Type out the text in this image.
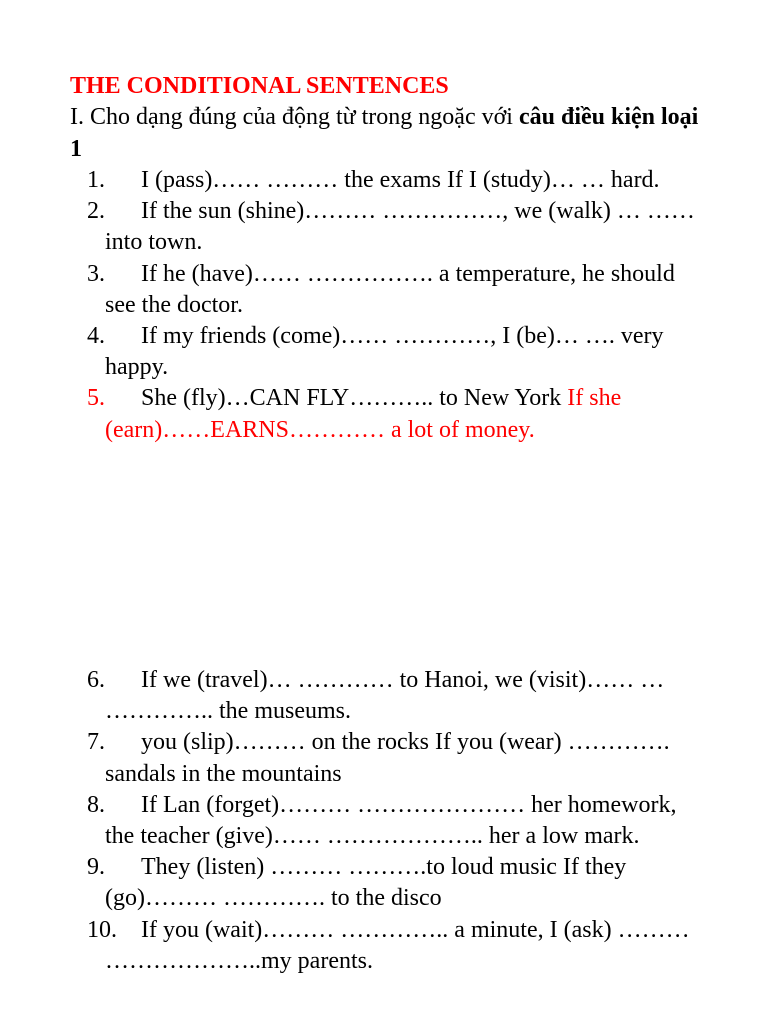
THE CONDITIONAL SENTENCES
I. Cho dạng đúng của động từ trong ngoặc với câu điều kiện loại 1
1. I (pass)…… ……… the exams If I (study)… … hard.
2. If the sun (shine)……… ……………, we (walk) … …… into town.
3. If he (have)…… ……………. a temperature, he should see the doctor.
4. If my friends (come)…… …………, I (be)… …. very happy.
5. She (fly)…CAN FLY……….. to New York If she (earn)……EARNS………… a lot of money.
6. If we (travel)… ………… to Hanoi, we (visit)…… … ………….. the museums.
7. you (slip)……… on the rocks If you (wear) …………. sandals in the mountains
8. If Lan (forget)……… ………………… her homework, the teacher (give)…… ……………….. her a low mark.
9. They (listen) ……… ……….to loud music If they (go)……… …………. to the disco
10. If you (wait)……… ………….. a minute, I (ask) ……… ………………..my parents.
